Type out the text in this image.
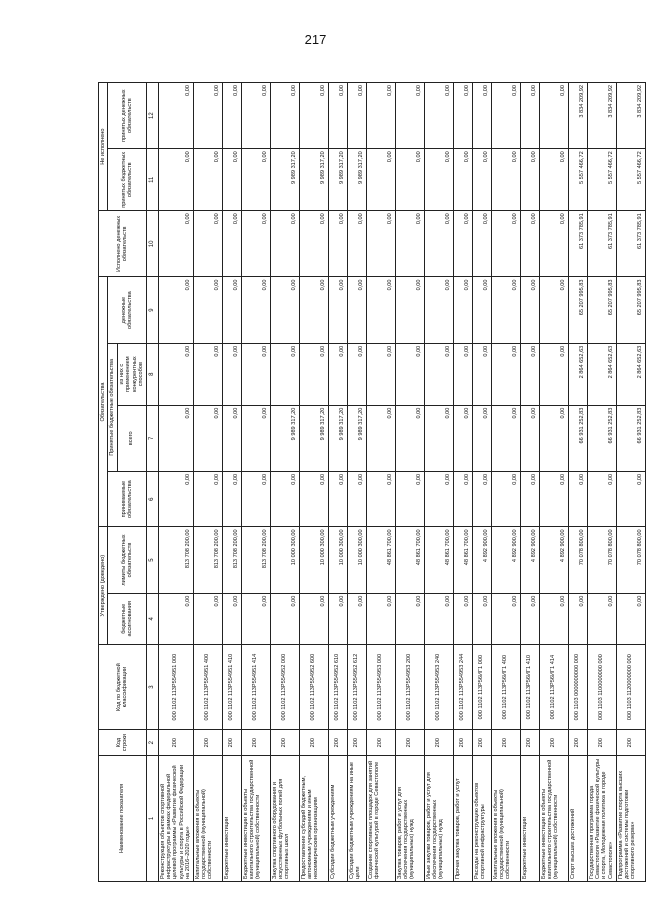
217
Наименование показателя	Код строки	Код по бюджетной классификации	Утверждено (доведено)		Обязательства				Исполнено денежных обязательств	Не исполнено	
			бюджетные ассигнования	лимиты бюджетных обязательств	принимаемые обязательства	Принятые бюджетные обязательства		денежные обязательства		принятых бюджетных обязательств	принятых денежных обязательств
						всего	из них с применением конкурентных способов				
1	2	3	4	5	6	7	8	9	10	11	12
Реконструкция объектов спортивной инфраструктуры в рамках федеральной целевой программы «Развитие физической культуры и спорта в Российской Федерации на 2016–2020 годы»	200	000 1102 113Р554951 000	0,00	813 708 200,00	0,00	0,00	0,00	0,00	0,00	0,00	0,00
Капитальные вложения в объекты государственной (муниципальной) собственности	200	000 1102 113Р554951 400	0,00	813 708 200,00	0,00	0,00	0,00	0,00	0,00	0,00	0,00
Бюджетные инвестиции	200	000 1102 113Р554951 410	0,00	813 708 200,00	0,00	0,00	0,00	0,00	0,00	0,00	0,00
Бюджетные инвестиции в объекты капитального строительства государственной (муниципальной) собственности	200	000 1102 113Р554951 414	0,00	813 708 200,00	0,00	0,00	0,00	0,00	0,00	0,00	0,00
Закупка спортивного оборудования и искусственных футбольных полей для спортивных школ	200	000 1102 113Р554952 000	0,00	10 000 300,00	0,00	9 989 317,20	0,00	0,00	0,00	9 989 317,20	0,00
Предоставление субсидий бюджетным, автономным учреждениям и иным некоммерческим организациям	200	000 1102 113Р554952 600	0,00	10 000 300,00	0,00	9 989 317,20	0,00	0,00	0,00	9 989 317,20	0,00
Субсидии бюджетным учреждениям	200	000 1102 113Р554952 610	0,00	10 000 300,00	0,00	9 989 317,20	0,00	0,00	0,00	9 989 317,20	0,00
Субсидии бюджетным учреждениям на иные цели	200	000 1102 113Р554952 612	0,00	10 000 300,00	0,00	9 989 317,20	0,00	0,00	0,00	9 989 317,20	0,00
Создание спортивных площадок для занятий физической культурой в городе Севастополе	200	000 1102 113Р554953 000	0,00	48 861 700,00	0,00	0,00	0,00	0,00	0,00	0,00	0,00
Закупка товаров, работ и услуг для обеспечения государственных (муниципальных) нужд	200	000 1102 113Р554953 200	0,00	48 861 700,00	0,00	0,00	0,00	0,00	0,00	0,00	0,00
Иные закупки товаров, работ и услуг для обеспечения государственных (муниципальных) нужд	200	000 1102 113Р554953 240	0,00	48 861 700,00	0,00	0,00	0,00	0,00	0,00	0,00	0,00
Прочая закупка товаров, работ и услуг	200	000 1102 113Р554953 244	0,00	48 861 700,00	0,00	0,00	0,00	0,00	0,00	0,00	0,00
Расходы на реконструкцию объектов спортивной инфраструктуры	200	000 1102 113Р56ИГ1 000	0,00	4 892 900,00	0,00	0,00	0,00	0,00	0,00	0,00	0,00
Капитальные вложения в объекты государственной (муниципальной) собственности	200	000 1102 113Р56ИГ1 400	0,00	4 892 900,00	0,00	0,00	0,00	0,00	0,00	0,00	0,00
Бюджетные инвестиции	200	000 1102 113Р56ИГ1 410	0,00	4 892 900,00	0,00	0,00	0,00	0,00	0,00	0,00	0,00
Бюджетные инвестиции в объекты капитального строительства государственной (муниципальной) собственности	200	000 1102 113Р56ИГ1 414	0,00	4 892 900,00	0,00	0,00	0,00	0,00	0,00	0,00	0,00
Спорт высших достижений	200	000 1103 0000000000 000	0,00	70 078 800,00	0,00	66 931 252,83	2 864 652,63	65 207 995,83	61 373 785,91	5 557 466,72	3 834 209,92
Государственная программа города Севастополя «Развитие физической культуры и спорта, Молодежная политика в городе Севастополе»	200	000 1103 1100000000 000	0,00	70 078 800,00	0,00	66 931 252,83	2 864 652,63	65 207 995,83	61 373 785,91	5 557 466,72	3 834 209,92
Подпрограмма «Развитие спорта высших достижений и системы подготовки спортивного резерва»	200	000 1103 1120000000 000	0,00	70 078 800,00	0,00	66 931 252,83	2 864 652,63	65 207 995,83	61 373 785,91	5 557 466,72	3 834 209,92
